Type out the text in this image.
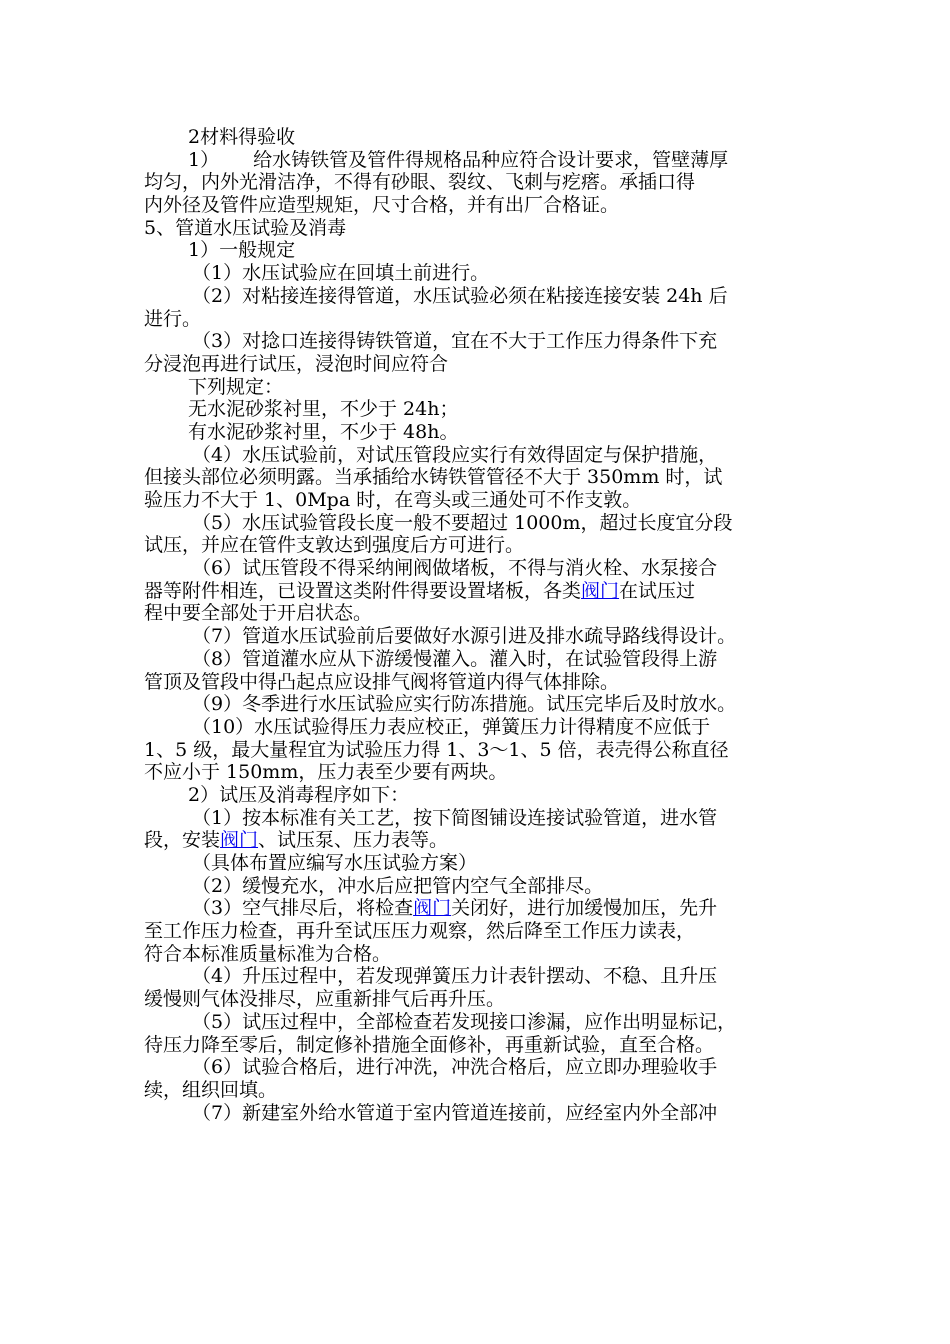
2材料得验收
1） 给水铸铁管及管件得规格品种应符合设计要求，管壁薄厚
均匀，内外光滑洁净，不得有砂眼、裂纹、飞刺与疙瘩。承插口得
内外径及管件应造型规矩，尺寸合格，并有出厂合格证。
5、管道水压试验及消毒
1）一般规定
（1）水压试验应在回填土前进行。
（2）对粘接连接得管道，水压试验必须在粘接连接安装 24h 后
进行。
（3）对捻口连接得铸铁管道，宜在不大于工作压力得条件下充
分浸泡再进行试压，浸泡时间应符合
下列规定：
无水泥砂浆衬里，不少于 24h；
有水泥砂浆衬里，不少于 48h。
（4）水压试验前，对试压管段应实行有效得固定与保护措施，
但接头部位必须明露。当承插给水铸铁管管径不大于 350mm 时，试
验压力不大于 1、0Mpa 时，在弯头或三通处可不作支敦。
（5）水压试验管段长度一般不要超过 1000m，超过长度宜分段
试压，并应在管件支敦达到强度后方可进行。
（6）试压管段不得采纳闸阀做堵板，不得与消火栓、水泵接合
器等附件相连，已设置这类附件得要设置堵板，各类阀门在试压过
程中要全部处于开启状态。
（7）管道水压试验前后要做好水源引进及排水疏导路线得设计。
（8）管道灌水应从下游缓慢灌入。灌入时，在试验管段得上游
管顶及管段中得凸起点应设排气阀将管道内得气体排除。
（9）冬季进行水压试验应实行防冻措施。试压完毕后及时放水。
（10）水压试验得压力表应校正，弹簧压力计得精度不应低于
1、5 级，最大量程宜为试验压力得 1、3～1、5 倍，表壳得公称直径
不应小于 150mm，压力表至少要有两块。
2）试压及消毒程序如下：
（1）按本标准有关工艺，按下简图铺设连接试验管道，进水管
段，安装阀门、试压泵、压力表等。
（具体布置应编写水压试验方案）
（2）缓慢充水，冲水后应把管内空气全部排尽。
（3）空气排尽后，将检查阀门关闭好，进行加缓慢加压，先升
至工作压力检查，再升至试压压力观察，然后降至工作压力读表，
符合本标准质量标准为合格。
（4）升压过程中，若发现弹簧压力计表针摆动、不稳、且升压
缓慢则气体没排尽，应重新排气后再升压。
（5）试压过程中，全部检查若发现接口渗漏，应作出明显标记，
待压力降至零后，制定修补措施全面修补，再重新试验，直至合格。
（6）试验合格后，进行冲洗，冲洗合格后，应立即办理验收手
续，组织回填。
（7）新建室外给水管道于室内管道连接前，应经室内外全部冲
